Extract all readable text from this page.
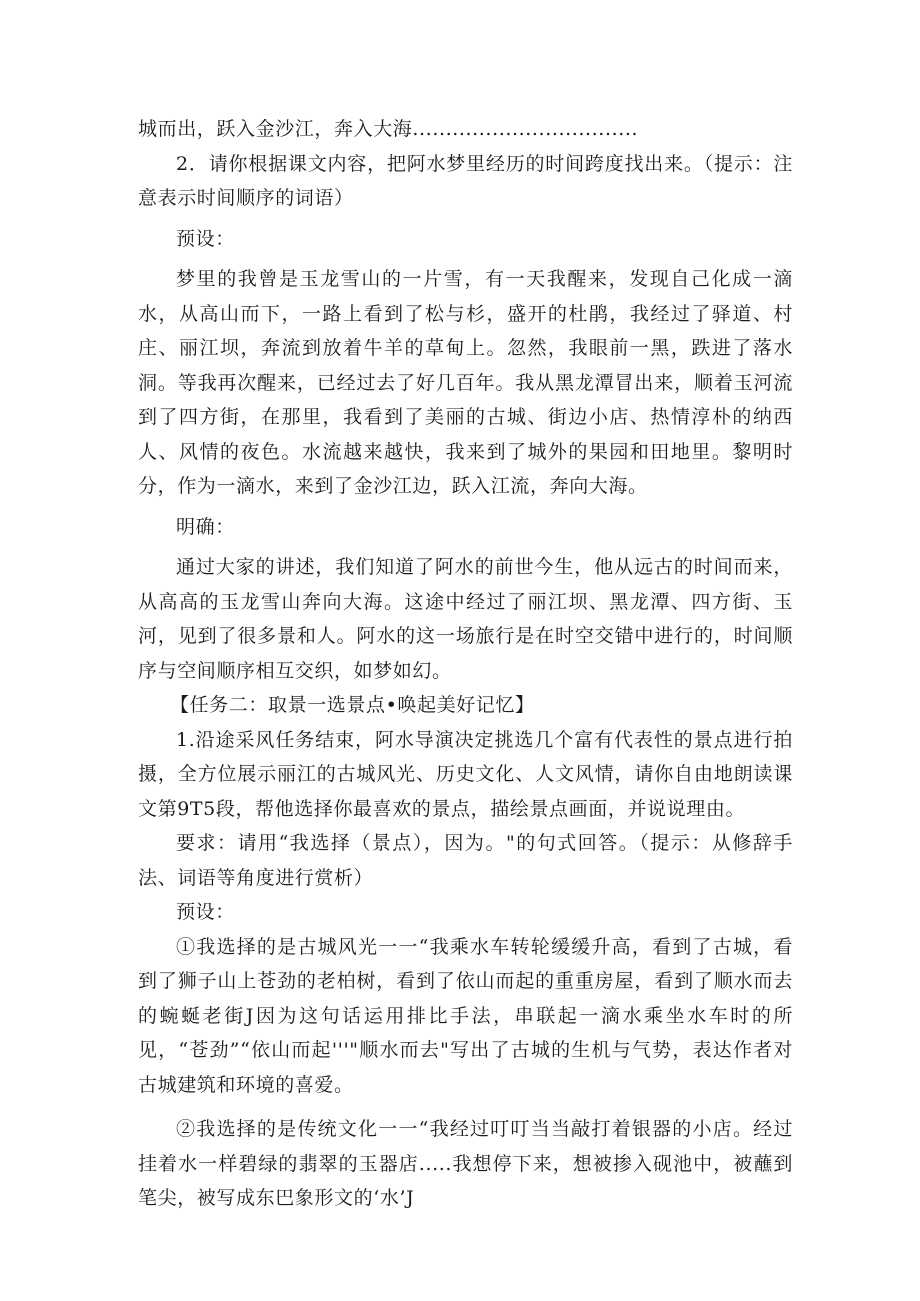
城而出，跃入金沙江，奔入大海..................................

2．请你根据课文内容，把阿水梦里经历的时间跨度找出来。（提示：注意表示时间顺序的词语）

预设：

梦里的我曾是玉龙雪山的一片雪，有一天我醒来，发现自己化成一滴水，从高山而下，一路上看到了松与杉，盛开的杜鹃，我经过了驿道、村庄、丽江坝，奔流到放着牛羊的草甸上。忽然，我眼前一黑，跌进了落水洞。等我再次醒来，已经过去了好几百年。我从黑龙潭冒出来，顺着玉河流到了四方街，在那里，我看到了美丽的古城、街边小店、热情淳朴的纳西人、风情的夜色。水流越来越快，我来到了城外的果园和田地里。黎明时分，作为一滴水，来到了金沙江边，跃入江流，奔向大海。

明确：

通过大家的讲述，我们知道了阿水的前世今生，他从远古的时间而来，从高高的玉龙雪山奔向大海。这途中经过了丽江坝、黑龙潭、四方街、玉河，见到了很多景和人。阿水的这一场旅行是在时空交错中进行的，时间顺序与空间顺序相互交织，如梦如幻。

【任务二：取景一选景点•唤起美好记忆】

1.沿途采风任务结束，阿水导演决定挑选几个富有代表性的景点进行拍摄，全方位展示丽江的古城风光、历史文化、人文风情，请你自由地朗读课文第9T5段，帮他选择你最喜欢的景点，描绘景点画面，并说说理由。

要求：请用“我选择（景点），因为。"的句式回答。（提示：从修辞手法、词语等角度进行赏析）

预设：

①我选择的是古城风光一一“我乘水车转轮缓缓升高，看到了古城，看到了狮子山上苍劲的老柏树，看到了依山而起的重重房屋，看到了顺水而去的蜿蜒老街J因为这句话运用排比手法，串联起一滴水乘坐水车时的所见，“苍劲”“依山而起'''"顺水而去"写出了古城的生机与气势，表达作者对古城建筑和环境的喜爱。

②我选择的是传统文化一一“我经过叮叮当当敲打着银器的小店。经过挂着水一样碧绿的翡翠的玉器店.....我想停下来，想被掺入砚池中，被蘸到笔尖，被写成东巴象形文的‘水’J
